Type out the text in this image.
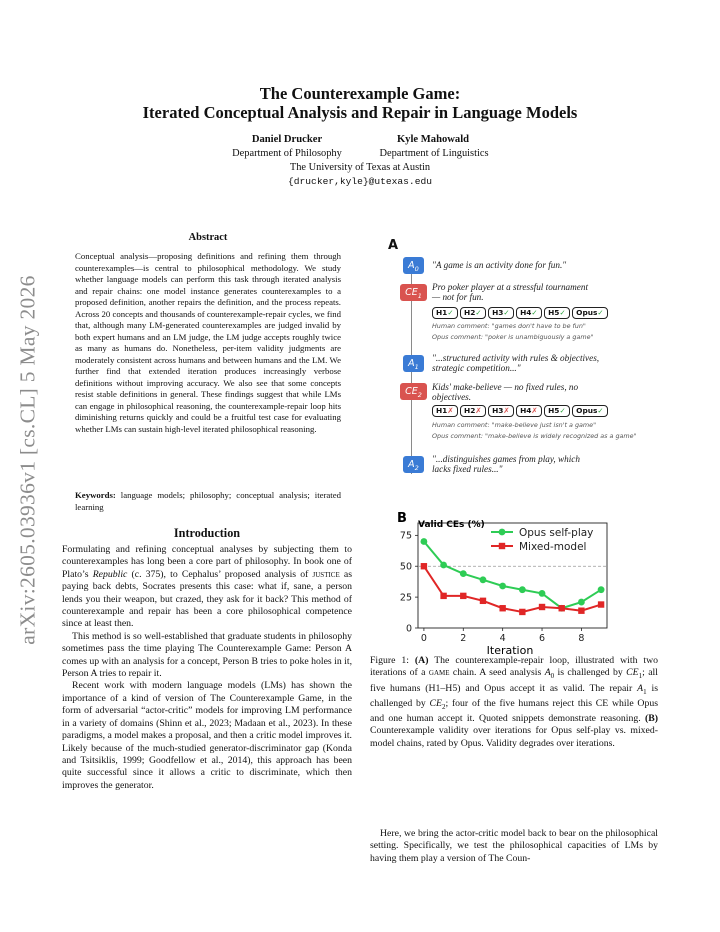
arXiv:2605.03936v1 [cs.CL] 5 May 2026
The Counterexample Game:
Iterated Conceptual Analysis and Repair in Language Models
Daniel Drucker	Kyle Mahowald
Department of Philosophy	Department of Linguistics
The University of Texas at Austin
{drucker,kyle}@utexas.edu
Abstract
Conceptual analysis—proposing definitions and refining them through counterexamples—is central to philosophical methodology. We study whether language models can perform this task through iterated analysis and repair chains: one model instance generates counterexamples to a proposed definition, another repairs the definition, and the process repeats. Across 20 concepts and thousands of counterexample-repair cycles, we find that, although many LM-generated counterexamples are judged invalid by both expert humans and an LM judge, the LM judge accepts roughly twice as many as humans do. Nonetheless, per-item validity judgments are moderately consistent across humans and between humans and the LM. We further find that extended iteration produces increasingly verbose definitions without improving accuracy. We also see that some concepts resist stable definitions in general. These findings suggest that while LMs can engage in philosophical reasoning, the counterexample-repair loop hits diminishing returns quickly and could be a fruitful test case for evaluating whether LMs can sustain high-level iterated philosophical reasoning.
Keywords: language models; philosophy; conceptual analysis; iterated learning
Introduction

Formulating and refining conceptual analyses by subjecting them to counterexamples has long been a core part of philosophy. In book one of Plato’s Republic (c. 375), to Cephalus’ proposed analysis of justice as paying back debts, Socrates presents this case: what if, sane, a person lends you their weapon, but crazed, they ask for it back? This method of counterexample and repair has been a core philosophical competence since at least then.

This method is so well-established that graduate students in philosophy sometimes pass the time playing The Counterexample Game: Person A comes up with an analysis for a concept, Person B tries to poke holes in it, Person A tries to repair it.

Recent work with modern language models (LMs) has shown the importance of a kind of version of The Counterexample Game, in the form of adversarial “actor-critic” models for improving LM performance in a variety of domains (Shinn et al., 2023; Madaan et al., 2023). In these paradigms, a model makes a proposal, and then a critic model improves it. Likely because of the much-studied generator-discriminator gap (Konda and Tsitsiklis, 1999; Goodfellow et al., 2014), this approach has been quite successful since it allows a critic to discriminate, which then improves the generator.

A
$A_0$	"A game is an activity done for fun."
$CE_1$
Pro poker player at a stressful tournament — not for fun.
H1✓	H2✓	H3✓	H4✓	H5✓	Opus✓
Human comment: "games don't have to be fun"
Opus comment: "poker is unambiguously a game"
$A_1$
"...structured activity with rules & objectives, strategic competition..."
$CE_2$
Kids' make-believe — no fixed rules, no objectives.
H1✗	H2✗	H3✗	H4✗	H5✓	Opus✓
Human comment: "make-believe just isn't a game"
Opus comment: "make-believe is widely recognized as a game"
$A_2$
"...distinguishes games from play, which lacks fixed rules..."
B
0
25
50
75
0	2	4	6	8
Valid CEs (%)
Opus self-play
Mixed-model
Iteration
Figure 1: (A) The counterexample-repair loop, illustrated with two iterations of a game chain. A seed analysis $A_0$ is challenged by $CE_1$; all five humans (H1–H5) and Opus accept it as valid. The repair $A_1$ is challenged by $CE_2$; four of the five humans reject this CE while Opus and one human accept it. Quoted snippets demonstrate reasoning. (B) Counterexample validity over iterations for Opus self-play vs. mixed-model chains, rated by Opus. Validity degrades over iterations.

Here, we bring the actor-critic model back to bear on the philosophical setting. Specifically, we test the philosophical capacities of LMs by having them play a version of The Coun-
